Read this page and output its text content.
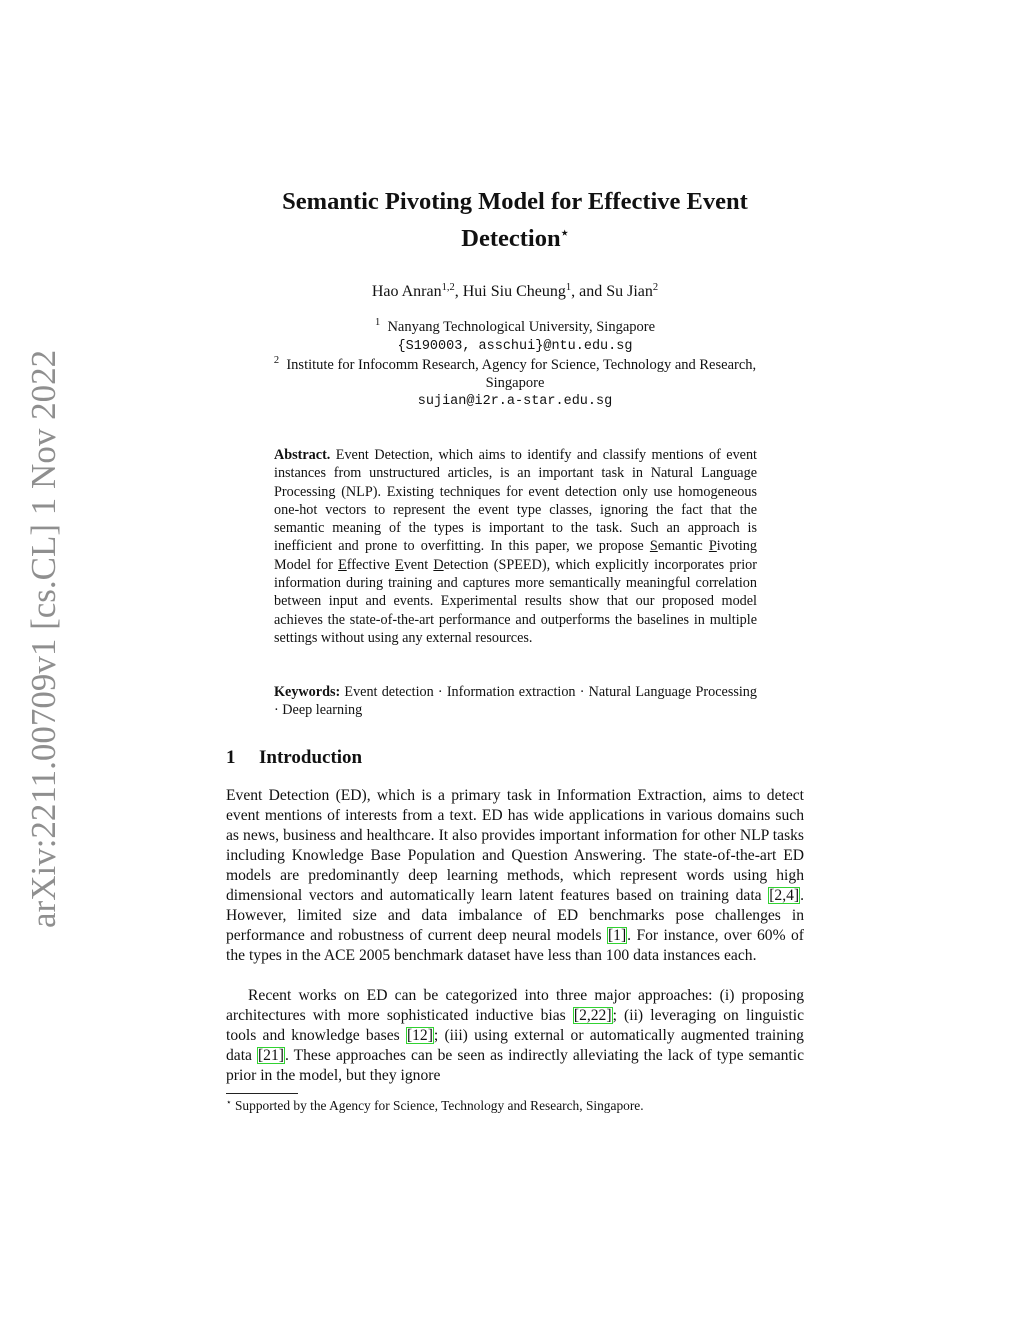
arXiv:2211.00709v1 [cs.CL] 1 Nov 2022
Semantic Pivoting Model for Effective Event
Detection⋆
Hao Anran$^{1,2}$, Hui Siu Cheung$^1$, and Su Jian$^2$
$^1$ Nanyang Technological University, Singapore
{S190003, asschui}@ntu.edu.sg
$^2$ Institute for Infocomm Research, Agency for Science, Technology and Research,
Singapore
sujian@i2r.a-star.edu.sg
Abstract. Event Detection, which aims to identify and classify mentions of event instances from unstructured articles, is an important task in Natural Language Processing (NLP). Existing techniques for event detection only use homogeneous one-hot vectors to represent the event type classes, ignoring the fact that the semantic meaning of the types is important to the task. Such an approach is inefficient and prone to overfitting. In this paper, we propose Semantic Pivoting Model for Effective Event Detection (SPEED), which explicitly incorporates prior information during training and captures more semantically meaningful correlation between input and events. Experimental results show that our proposed model achieves the state-of-the-art performance and outperforms the baselines in multiple settings without using any external resources.
Keywords: Event detection · Information extraction · Natural Language Processing · Deep learning
1 Introduction
Event Detection (ED), which is a primary task in Information Extraction, aims to detect event mentions of interests from a text. ED has wide applications in various domains such as news, business and healthcare. It also provides important information for other NLP tasks including Knowledge Base Population and Question Answering. The state-of-the-art ED models are predominantly deep learning methods, which represent words using high dimensional vectors and automatically learn latent features based on training data [2,4]. However, limited size and data imbalance of ED benchmarks pose challenges in performance and robustness of current deep neural models [1]. For instance, over 60% of the types in the ACE 2005 benchmark dataset have less than 100 data instances each.
Recent works on ED can be categorized into three major approaches: (i) proposing architectures with more sophisticated inductive bias [2,22]; (ii) leveraging on linguistic tools and knowledge bases [12]; (iii) using external or automatically augmented training data [21]. These approaches can be seen as indirectly alleviating the lack of type semantic prior in the model, but they ignore
⋆ Supported by the Agency for Science, Technology and Research, Singapore.
